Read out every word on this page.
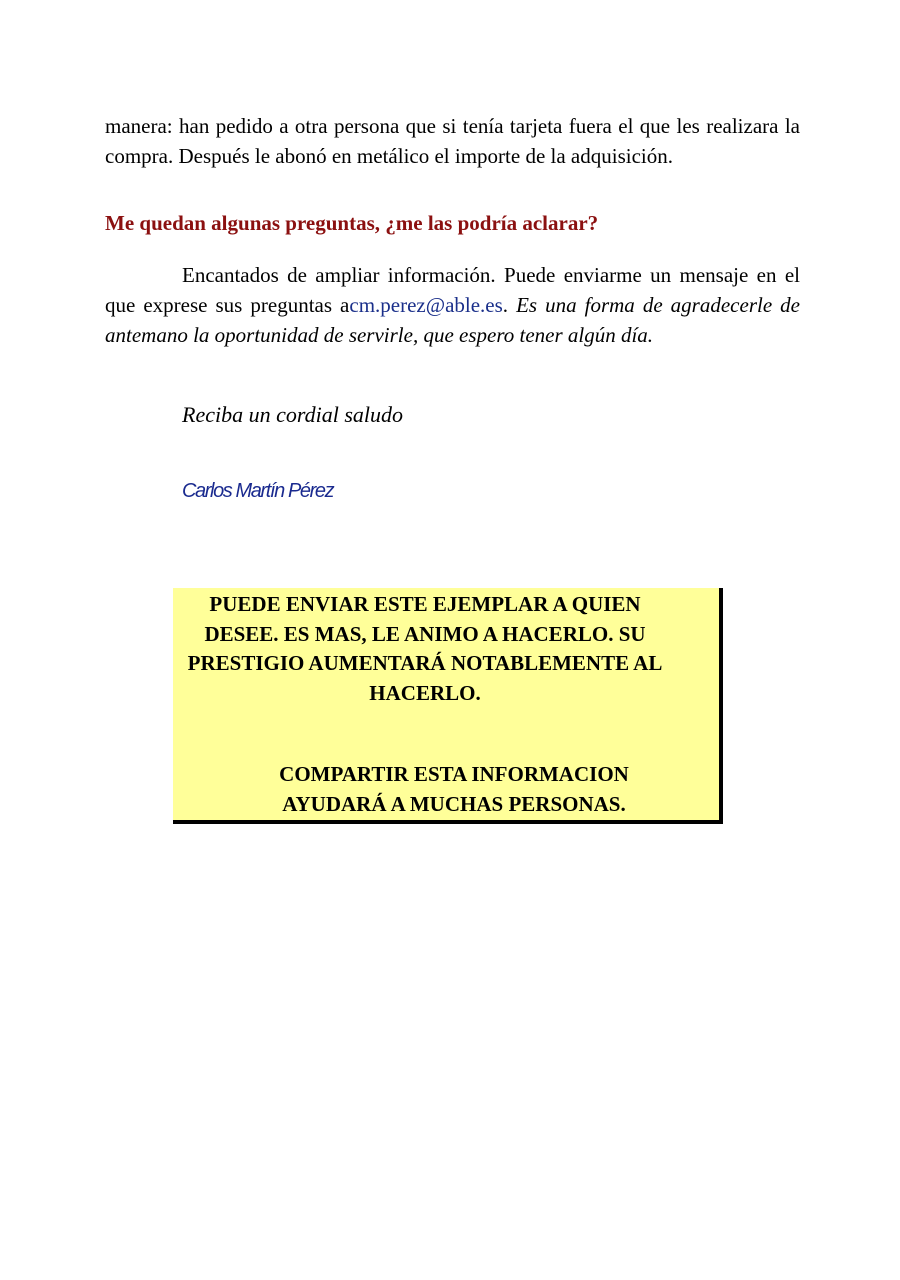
manera: han pedido a otra persona que si tenía tarjeta fuera el que les realizara la compra. Después le abonó en metálico el importe de la adquisición.

Me quedan algunas preguntas, ¿me las podría aclarar?

Encantados de ampliar información. Puede enviarme un mensaje en el que exprese sus preguntas acm.perez@able.es. Es una forma de agradecerle de antemano la oportunidad de servirle, que espero tener algún día.

Reciba un cordial saludo

Carlos Martín Pérez

PUEDE ENVIAR ESTE EJEMPLAR A QUIEN DESEE. ES MAS, LE ANIMO A HACERLO. SU PRESTIGIO AUMENTARÁ NOTABLEMENTE AL HACERLO.

COMPARTIR ESTA INFORMACION AYUDARÁ A MUCHAS PERSONAS.
